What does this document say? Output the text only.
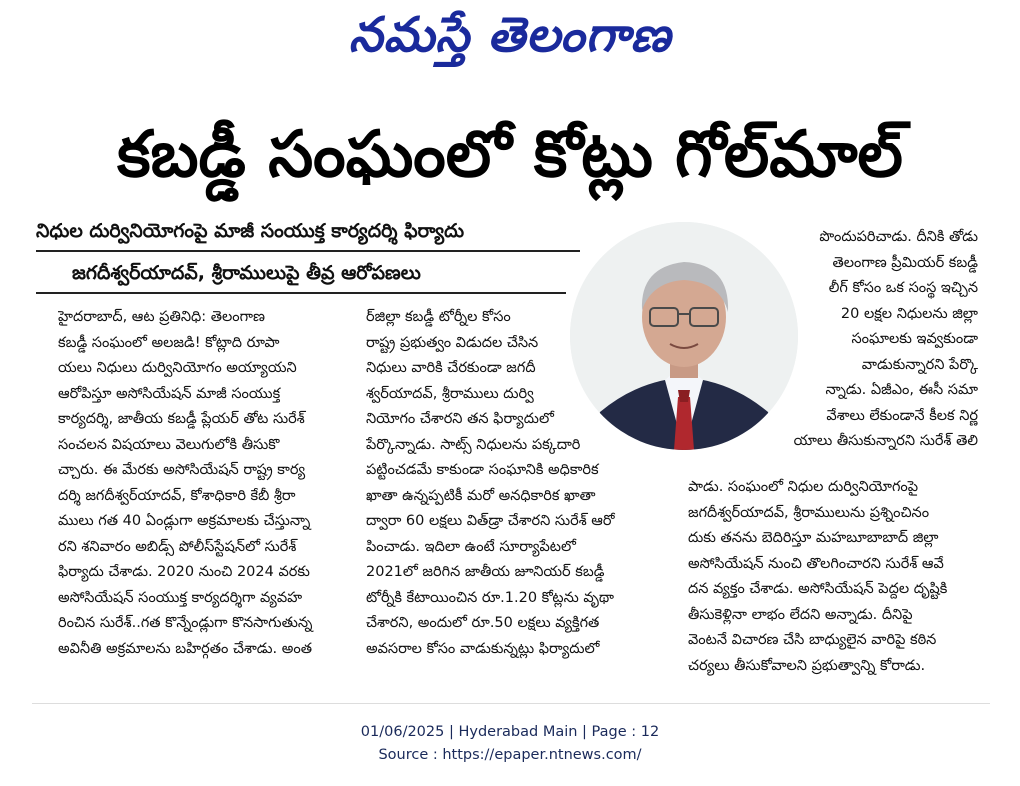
నమస్తే తెలంగాణ
కబడ్డీ సంఘంలో కోట్లు గోల్‌మాల్
నిధుల దుర్వినియోగంపై మాజీ సంయుక్త కార్యదర్శి ఫిర్యాదు
జగదీశ్వర్‌యాదవ్, శ్రీరాములుపై తీవ్ర ఆరోపణలు

హైదరాబాద్, ఆట ప్రతినిధి: తెలంగాణ

కబడ్డీ సంఘంలో అలజడి! కోట్లాది రూపా

యలు నిధులు దుర్వినియోగం అయ్యాయని

ఆరోపిస్తూ అసోసియేషన్ మాజీ సంయుక్త

కార్యదర్శి, జాతీయ కబడ్డీ ప్లేయర్ తోట సురేశ్

సంచలన విషయాలు వెలుగులోకి తీసుకొ

చ్చారు. ఈ మేరకు అసోసియేషన్ రాష్ట్ర కార్య

దర్శి జగదీశ్వర్‌యాదవ్, కోశాధికారి కేబీ శ్రీరా

ములు గత 40 ఏండ్లుగా అక్రమాలకు చేస్తున్నా

రని శనివారం అబిడ్స్ పోలీస్‌స్టేషన్‌లో సురేశ్

ఫిర్యాదు చేశాడు. 2020 నుంచి 2024 వరకు

అసోసియేషన్ సంయుక్త కార్యదర్శిగా వ్యవహ

రించిన సురేశ్..గత కొన్నేండ్లుగా కొనసాగుతున్న

అవినీతి అక్రమాలను బహిర్గతం చేశాడు. అంత

ర్‌జిల్లా కబడ్డీ టోర్నీల కోసం

రాష్ట్ర ప్రభుత్వం విడుదల చేసిన

నిధులు వారికి చేరకుండా జగదీ

శ్వర్‌యాదవ్, శ్రీరాములు దుర్వి

నియోగం చేశారని తన ఫిర్యాదులో

పేర్కొన్నాడు. సాట్స్ నిధులను పక్కదారి

పట్టించడమే కాకుండా సంఘానికి అధికారిక

ఖాతా ఉన్నప్పటికీ మరో అనధికారిక ఖాతా

ద్వారా 60 లక్షలు విత్‌డ్రా చేశారని సురేశ్ ఆరో

పించాడు. ఇదిలా ఉంటే సూర్యాపేటలో

2021లో జరిగిన జాతీయ జూనియర్ కబడ్డీ

టోర్నీకి కేటాయించిన రూ.1.20 కోట్లను వృథా

చేశారని, అందులో రూ.50 లక్షలు వ్యక్తిగత

అవసరాల కోసం వాడుకున్నట్లు ఫిర్యాదులో

పొందుపరిచాడు. దీనికి తోడు

తెలంగాణ ప్రీమియర్ కబడ్డీ

లీగ్ కోసం ఒక సంస్థ ఇచ్చిన

20 లక్షల నిధులను జిల్లా

సంఘాలకు ఇవ్వకుండా

వాడుకున్నారని పేర్కొ

న్నాడు. ఏజీఎం, ఈసీ సమా

వేశాలు లేకుండానే కీలక నిర్ణ

యాలు తీసుకున్నారని సురేశ్ తెలి

పాడు. సంఘంలో నిధుల దుర్వినియోగంపై

జగదీశ్వర్‌యాదవ్, శ్రీరాములును ప్రశ్నించినం

దుకు తనను బెదిరిస్తూ మహబూబాబాద్ జిల్లా

అసోసియేషన్ నుంచి తొలగించారని సురేశ్ ఆవే

దన వ్యక్తం చేశాడు. అసోసియేషన్ పెద్దల దృష్టికి

తీసుకెళ్లినా లాభం లేదని అన్నాడు. దీనిపై

వెంటనే విచారణ చేసి బాధ్యులైన వారిపై కఠిన

చర్యలు తీసుకోవాలని ప్రభుత్వాన్ని కోరాడు.

01/06/2025 | Hyderabad Main | Page : 12
Source : https://epaper.ntnews.com/
